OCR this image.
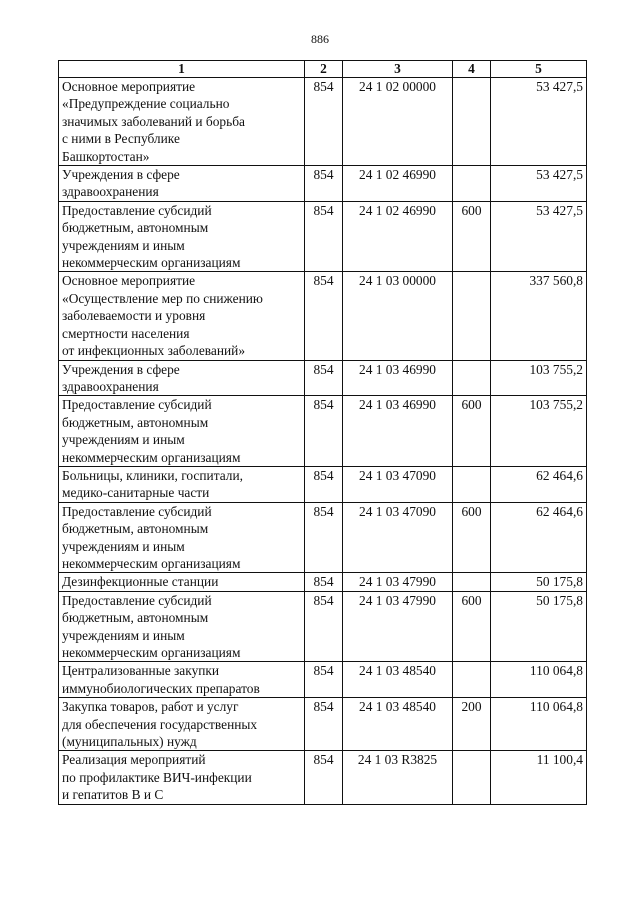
886
1	2	3	4	5
Основное мероприятие
«Предупреждение социально
значимых заболеваний и борьба
с ними в Республике
Башкортостан»	854	24 1 02 00000		53 427,5
Учреждения в сфере
здравоохранения	854	24 1 02 46990		53 427,5
Предоставление субсидий
бюджетным, автономным
учреждениям и иным
некоммерческим организациям	854	24 1 02 46990	600	53 427,5
Основное мероприятие
«Осуществление мер по снижению
заболеваемости и уровня
смертности населения
от инфекционных заболеваний»	854	24 1 03 00000		337 560,8
Учреждения в сфере
здравоохранения	854	24 1 03 46990		103 755,2
Предоставление субсидий
бюджетным, автономным
учреждениям и иным
некоммерческим организациям	854	24 1 03 46990	600	103 755,2
Больницы, клиники, госпитали,
медико-санитарные части	854	24 1 03 47090		62 464,6
Предоставление субсидий
бюджетным, автономным
учреждениям и иным
некоммерческим организациям	854	24 1 03 47090	600	62 464,6
Дезинфекционные станции	854	24 1 03 47990		50 175,8
Предоставление субсидий
бюджетным, автономным
учреждениям и иным
некоммерческим организациям	854	24 1 03 47990	600	50 175,8
Централизованные закупки
иммунобиологических препаратов	854	24 1 03 48540		110 064,8
Закупка товаров, работ и услуг
для обеспечения государственных
(муниципальных) нужд	854	24 1 03 48540	200	110 064,8
Реализация мероприятий
по профилактике ВИЧ-инфекции
и гепатитов В и С	854	24 1 03 R3825		11 100,4
